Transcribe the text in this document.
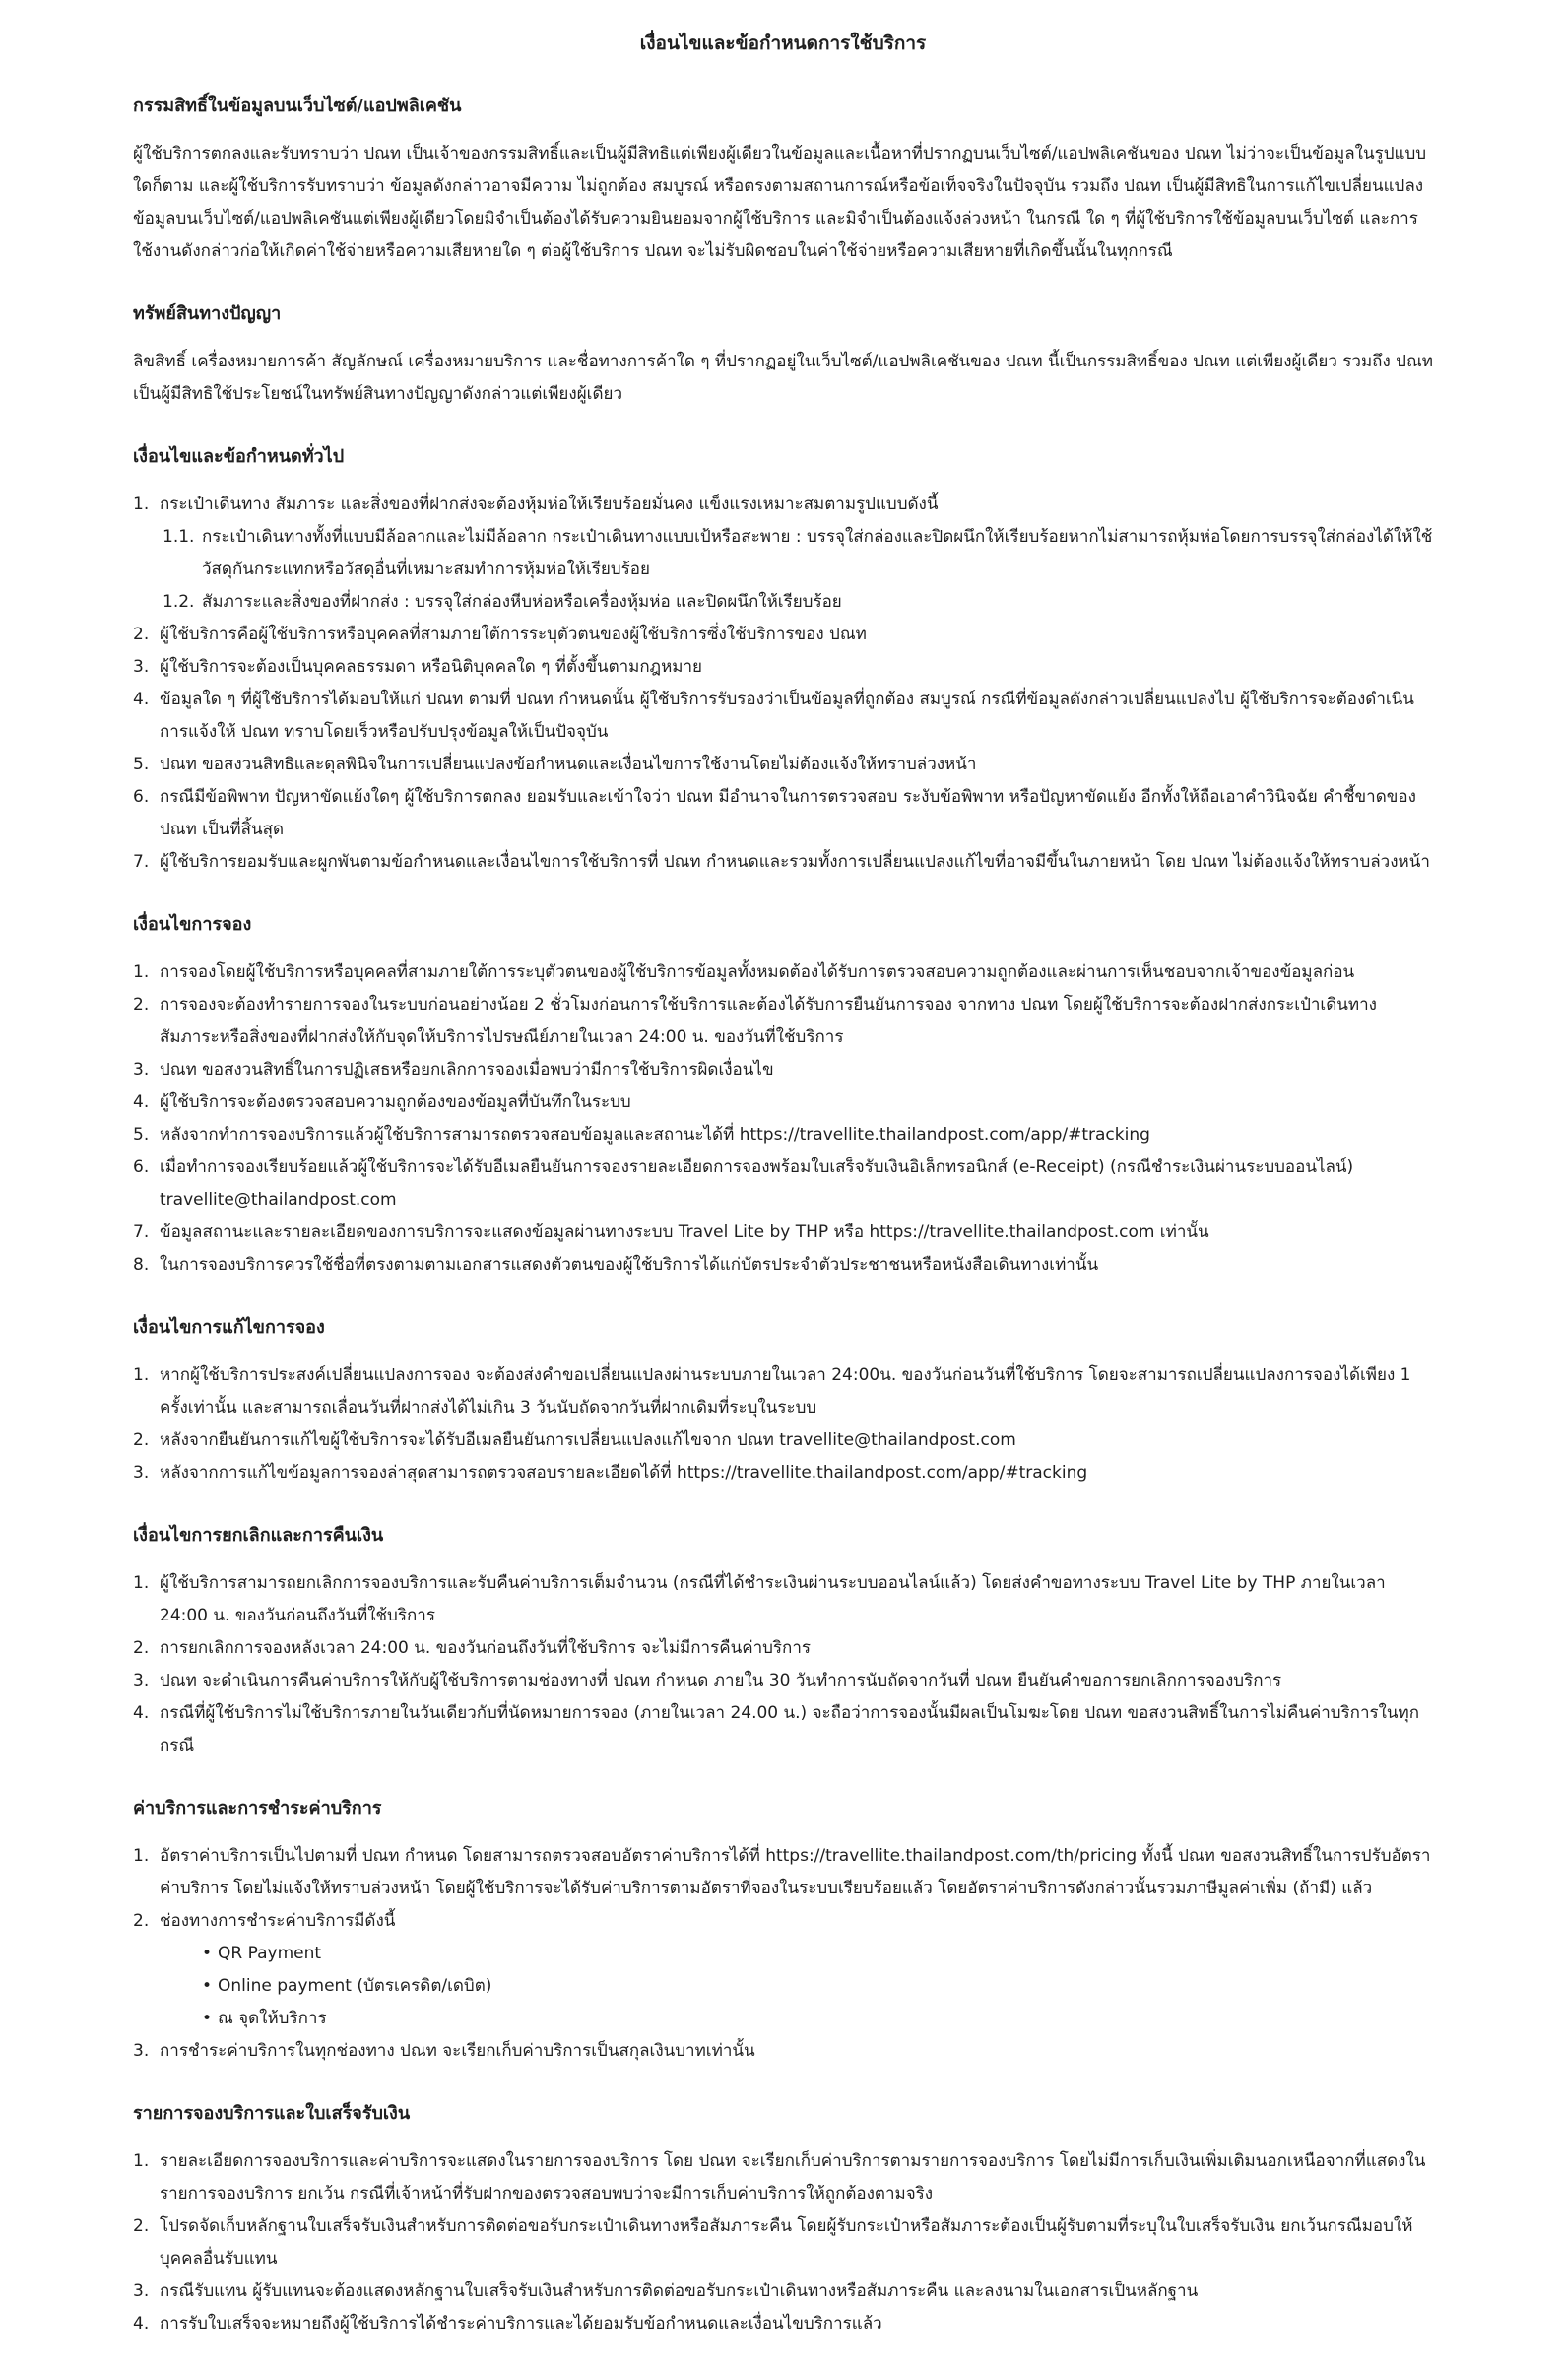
เงื่อนไขและข้อกำหนดการใช้บริการ
กรรมสิทธิ์ในข้อมูลบนเว็บไซต์/แอปพลิเคชัน

ผู้ใช้บริการตกลงและรับทราบว่า ปณท เป็นเจ้าของกรรมสิทธิ์และเป็นผู้มีสิทธิแต่เพียงผู้เดียวในข้อมูลและเนื้อหาที่ปรากฏบนเว็บไซต์/แอปพลิเคชันของ ปณท ไม่ว่าจะเป็นข้อมูลในรูปแบบใดก็ตาม และผู้ใช้บริการรับทราบว่า ข้อมูลดังกล่าวอาจมีความ ไม่ถูกต้อง สมบูรณ์ หรือตรงตามสถานการณ์หรือข้อเท็จจริงในปัจจุบัน รวมถึง ปณท เป็นผู้มีสิทธิในการแก้ไขเปลี่ยนแปลงข้อมูลบนเว็บไซต์/แอปพลิเคชันแต่เพียงผู้เดียวโดยมิจำเป็นต้องได้รับความยินยอมจากผู้ใช้บริการ และมิจำเป็นต้องแจ้งล่วงหน้า ในกรณี ใด ๆ ที่ผู้ใช้บริการใช้ข้อมูลบนเว็บไซต์ และการใช้งานดังกล่าวก่อให้เกิดค่าใช้จ่ายหรือความเสียหายใด ๆ ต่อผู้ใช้บริการ ปณท จะไม่รับผิดชอบในค่าใช้จ่ายหรือความเสียหายที่เกิดขึ้นนั้นในทุกกรณี

ทรัพย์สินทางปัญญา

ลิขสิทธิ์ เครื่องหมายการค้า สัญลักษณ์ เครื่องหมายบริการ และชื่อทางการค้าใด ๆ ที่ปรากฏอยู่ในเว็บไซต์/แอปพลิเคชันของ ปณท นี้เป็นกรรมสิทธิ์ของ ปณท แต่เพียงผู้เดียว รวมถึง ปณท เป็นผู้มีสิทธิใช้ประโยชน์ในทรัพย์สินทางปัญญาดังกล่าวแต่เพียงผู้เดียว

เงื่อนไขและข้อกำหนดทั่วไป
1. กระเป๋าเดินทาง สัมภาระ และสิ่งของที่ฝากส่งจะต้องหุ้มห่อให้เรียบร้อยมั่นคง แข็งแรงเหมาะสมตามรูปแบบดังนี้
1.1. กระเป๋าเดินทางทั้งที่แบบมีล้อลากและไม่มีล้อลาก กระเป๋าเดินทางแบบเป้หรือสะพาย : บรรจุใส่กล่องและปิดผนึกให้เรียบร้อยหากไม่สามารถหุ้มห่อโดยการบรรจุใส่กล่องได้ให้ใช้วัสดุกันกระแทกหรือวัสดุอื่นที่เหมาะสมทำการหุ้มห่อให้เรียบร้อย
1.2. สัมภาระและสิ่งของที่ฝากส่ง : บรรจุใส่กล่องหีบห่อหรือเครื่องหุ้มห่อ และปิดผนึกให้เรียบร้อย
2. ผู้ใช้บริการคือผู้ใช้บริการหรือบุคคลที่สามภายใต้การระบุตัวตนของผู้ใช้บริการซึ่งใช้บริการของ ปณท
3. ผู้ใช้บริการจะต้องเป็นบุคคลธรรมดา หรือนิติบุคคลใด ๆ ที่ตั้งขึ้นตามกฎหมาย
4. ข้อมูลใด ๆ ที่ผู้ใช้บริการได้มอบให้แก่ ปณท ตามที่ ปณท กำหนดนั้น ผู้ใช้บริการรับรองว่าเป็นข้อมูลที่ถูกต้อง สมบูรณ์ กรณีที่ข้อมูลดังกล่าวเปลี่ยนแปลงไป ผู้ใช้บริการจะต้องดำเนินการแจ้งให้ ปณท ทราบโดยเร็วหรือปรับปรุงข้อมูลให้เป็นปัจจุบัน
5. ปณท ขอสงวนสิทธิและดุลพินิจในการเปลี่ยนแปลงข้อกำหนดและเงื่อนไขการใช้งานโดยไม่ต้องแจ้งให้ทราบล่วงหน้า
6. กรณีมีข้อพิพาท ปัญหาขัดแย้งใดๆ ผู้ใช้บริการตกลง ยอมรับและเข้าใจว่า ปณท มีอำนาจในการตรวจสอบ ระงับข้อพิพาท หรือปัญหาขัดแย้ง อีกทั้งให้ถือเอาคำวินิจฉัย คำชี้ขาดของ ปณท เป็นที่สิ้นสุด
7. ผู้ใช้บริการยอมรับและผูกพันตามข้อกำหนดและเงื่อนไขการใช้บริการที่ ปณท กำหนดและรวมทั้งการเปลี่ยนแปลงแก้ไขที่อาจมีขึ้นในภายหน้า โดย ปณท ไม่ต้องแจ้งให้ทราบล่วงหน้า
เงื่อนไขการจอง
1. การจองโดยผู้ใช้บริการหรือบุคคลที่สามภายใต้การระบุตัวตนของผู้ใช้บริการข้อมูลทั้งหมดต้องได้รับการตรวจสอบความถูกต้องและผ่านการเห็นชอบจากเจ้าของข้อมูลก่อน
2. การจองจะต้องทำรายการจองในระบบก่อนอย่างน้อย 2 ชั่วโมงก่อนการใช้บริการและต้องได้รับการยืนยันการจอง จากทาง ปณท โดยผู้ใช้บริการจะต้องฝากส่งกระเป๋าเดินทางสัมภาระหรือสิ่งของที่ฝากส่งให้กับจุดให้บริการไปรษณีย์ภายในเวลา 24:00 น. ของวันที่ใช้บริการ
3. ปณท ขอสงวนสิทธิ์ในการปฏิเสธหรือยกเลิกการจองเมื่อพบว่ามีการใช้บริการผิดเงื่อนไข
4. ผู้ใช้บริการจะต้องตรวจสอบความถูกต้องของข้อมูลที่บันทึกในระบบ
5. หลังจากทำการจองบริการแล้วผู้ใช้บริการสามารถตรวจสอบข้อมูลและสถานะได้ที่ https://travellite.thailandpost.com/app/#tracking
6. เมื่อทำการจองเรียบร้อยแล้วผู้ใช้บริการจะได้รับอีเมลยืนยันการจองรายละเอียดการจองพร้อมใบเสร็จรับเงินอิเล็กทรอนิกส์ (e-Receipt) (กรณีชำระเงินผ่านระบบออนไลน์) travellite@thailandpost.com
7. ข้อมูลสถานะและรายละเอียดของการบริการจะแสดงข้อมูลผ่านทางระบบ Travel Lite by THP หรือ https://travellite.thailandpost.com เท่านั้น
8. ในการจองบริการควรใช้ชื่อที่ตรงตามตามเอกสารแสดงตัวตนของผู้ใช้บริการได้แก่บัตรประจำตัวประชาชนหรือหนังสือเดินทางเท่านั้น
เงื่อนไขการแก้ไขการจอง
1. หากผู้ใช้บริการประสงค์เปลี่ยนแปลงการจอง จะต้องส่งคำขอเปลี่ยนแปลงผ่านระบบภายในเวลา 24:00น. ของวันก่อนวันที่ใช้บริการ โดยจะสามารถเปลี่ยนแปลงการจองได้เพียง 1 ครั้งเท่านั้น และสามารถเลื่อนวันที่ฝากส่งได้ไม่เกิน 3 วันนับถัดจากวันที่ฝากเดิมที่ระบุในระบบ
2. หลังจากยืนยันการแก้ไขผู้ใช้บริการจะได้รับอีเมลยืนยันการเปลี่ยนแปลงแก้ไขจาก ปณท travellite@thailandpost.com
3. หลังจากการแก้ไขข้อมูลการจองล่าสุดสามารถตรวจสอบรายละเอียดได้ที่ https://travellite.thailandpost.com/app/#tracking
เงื่อนไขการยกเลิกและการคืนเงิน
1. ผู้ใช้บริการสามารถยกเลิกการจองบริการและรับคืนค่าบริการเต็มจำนวน (กรณีที่ได้ชำระเงินผ่านระบบออนไลน์แล้ว) โดยส่งคำขอทางระบบ Travel Lite by THP ภายในเวลา 24:00 น. ของวันก่อนถึงวันที่ใช้บริการ
2. การยกเลิกการจองหลังเวลา 24:00 น. ของวันก่อนถึงวันที่ใช้บริการ จะไม่มีการคืนค่าบริการ
3. ปณท จะดำเนินการคืนค่าบริการให้กับผู้ใช้บริการตามช่องทางที่ ปณท กำหนด ภายใน 30 วันทำการนับถัดจากวันที่ ปณท ยืนยันคำขอการยกเลิกการจองบริการ
4. กรณีที่ผู้ใช้บริการไม่ใช้บริการภายในวันเดียวกับที่นัดหมายการจอง (ภายในเวลา 24.00 น.) จะถือว่าการจองนั้นมีผลเป็นโมฆะโดย ปณท ขอสงวนสิทธิ์ในการไม่คืนค่าบริการในทุกกรณี
ค่าบริการและการชำระค่าบริการ
1. อัตราค่าบริการเป็นไปตามที่ ปณท กำหนด โดยสามารถตรวจสอบอัตราค่าบริการได้ที่ https://travellite.thailandpost.com/th/pricing ทั้งนี้ ปณท ขอสงวนสิทธิ์ในการปรับอัตราค่าบริการ โดยไม่แจ้งให้ทราบล่วงหน้า โดยผู้ใช้บริการจะได้รับค่าบริการตามอัตราที่จองในระบบเรียบร้อยแล้ว โดยอัตราค่าบริการดังกล่าวนั้นรวมภาษีมูลค่าเพิ่ม (ถ้ามี) แล้ว
2. ช่องทางการชำระค่าบริการมีดังนี้
• QR Payment
• Online payment (บัตรเครดิต/เดบิต)
• ณ จุดให้บริการ
3. การชำระค่าบริการในทุกช่องทาง ปณท จะเรียกเก็บค่าบริการเป็นสกุลเงินบาทเท่านั้น
รายการจองบริการและใบเสร็จรับเงิน
1. รายละเอียดการจองบริการและค่าบริการจะแสดงในรายการจองบริการ โดย ปณท จะเรียกเก็บค่าบริการตามรายการจองบริการ โดยไม่มีการเก็บเงินเพิ่มเติมนอกเหนือจากที่แสดงในรายการจองบริการ ยกเว้น กรณีที่เจ้าหน้าที่รับฝากของตรวจสอบพบว่าจะมีการเก็บค่าบริการให้ถูกต้องตามจริง
2. โปรดจัดเก็บหลักฐานใบเสร็จรับเงินสำหรับการติดต่อขอรับกระเป๋าเดินทางหรือสัมภาระคืน โดยผู้รับกระเป๋าหรือสัมภาระต้องเป็นผู้รับตามที่ระบุในใบเสร็จรับเงิน ยกเว้นกรณีมอบให้บุคคลอื่นรับแทน
3. กรณีรับแทน ผู้รับแทนจะต้องแสดงหลักฐานใบเสร็จรับเงินสำหรับการติดต่อขอรับกระเป๋าเดินทางหรือสัมภาระคืน และลงนามในเอกสารเป็นหลักฐาน
4. การรับใบเสร็จจะหมายถึงผู้ใช้บริการได้ชำระค่าบริการและได้ยอมรับข้อกำหนดและเงื่อนไขบริการแล้ว
